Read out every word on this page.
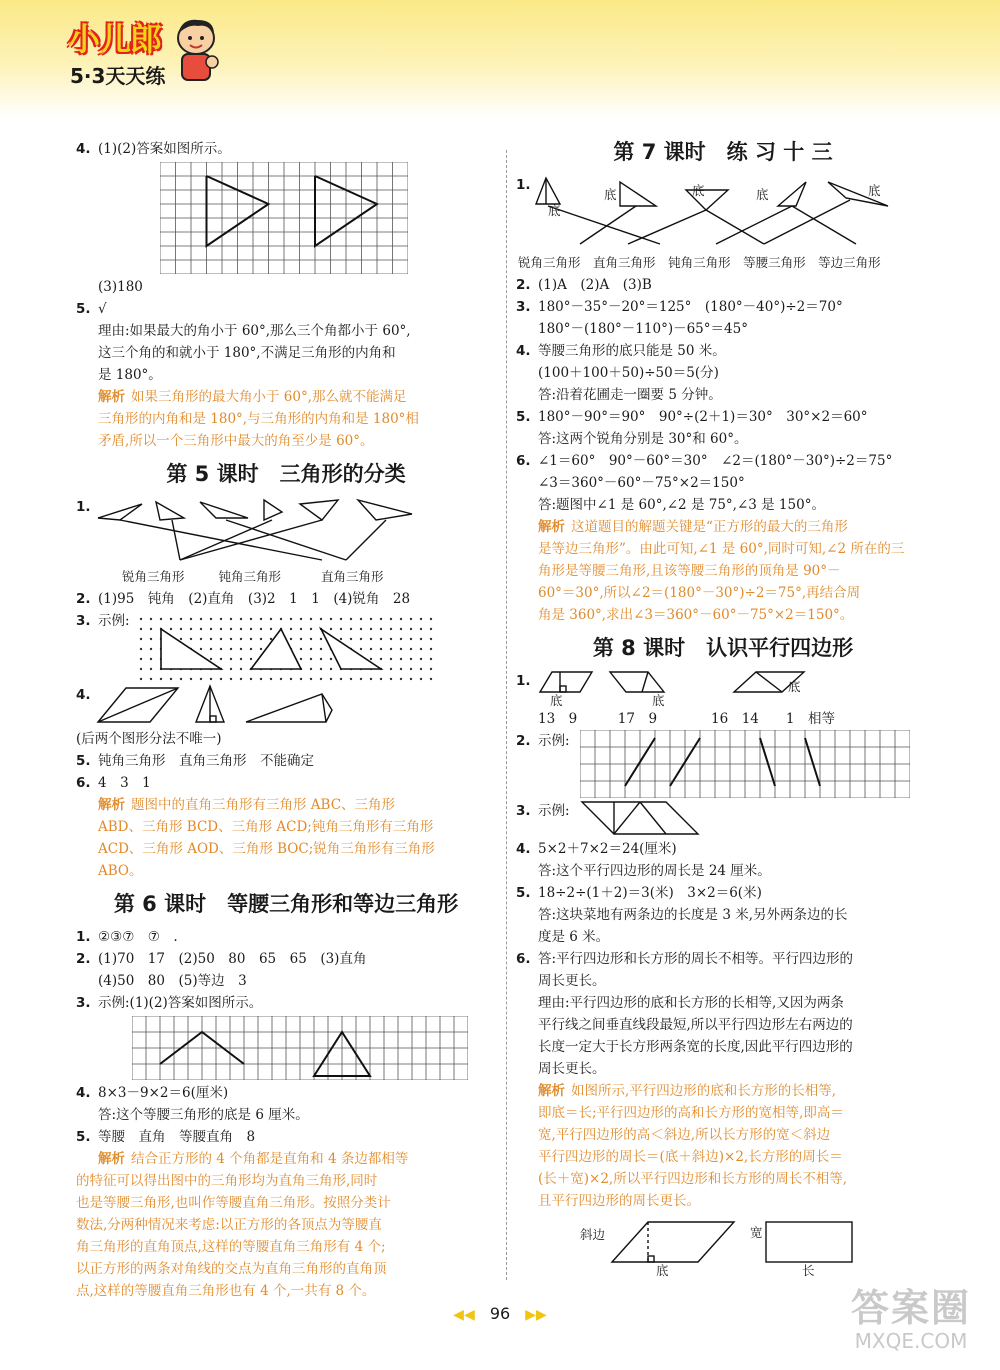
小儿郎
5·3天天练
4. (1)(2)答案如图所示。
(3)180
5. √
理由:如果最大的角小于 60°,那么三个角都小于 60°,
这三个角的和就小于 180°,不满足三角形的内角和
是 180°。
解析 如果三角形的最大角小于 60°,那么就不能满足
三角形的内角和是 180°,与三角形的内角和是 180°相
矛盾,所以一个三角形中最大的角至少是 60°。
第 5 课时　三角形的分类
1.
锐角三角形	钝角三角形	直角三角形
2. (1)95　钝角　(2)直角　(3)2　1　1　(4)锐角　28
3. 示例:
4.
(后两个图形分法不唯一)
5. 钝角三角形　直角三角形　不能确定
6. 4　3　1
解析 题图中的直角三角形有三角形 ABC、三角形
ABD、三角形 BCD、三角形 ACD;钝角三角形有三角形
ACD、三角形 AOD、三角形 BOC;锐角三角形有三角形
ABO。
第 6 课时　等腰三角形和等边三角形
1. ②③⑦　⑦　.
2. (1)70　17　(2)50　80　65　65　(3)直角
(4)50　80　(5)等边　3
3. 示例:(1)(2)答案如图所示。
4. 8×3－9×2＝6(厘米)
答:这个等腰三角形的底是 6 厘米。
5. 等腰　直角　等腰直角　8
解析 结合正方形的 4 个角都是直角和 4 条边都相等
的特征可以得出图中的三角形均为直角三角形,同时
也是等腰三角形,也叫作等腰直角三角形。按照分类计
数法,分两种情况来考虑:以正方形的各顶点为等腰直
角三角形的直角顶点,这样的等腰直角三角形有 4 个;
以正方形的两条对角线的交点为直角三角形的直角顶
点,这样的等腰直角三角形也有 4 个,一共有 8 个。
第 7 课时　练 习 十 三
1.
底	底	底	底
底
锐角三角形　 直角三角形　 钝角三角形　 等腰三角形　 等边三角形
2. (1)A　(2)A　(3)B
3. 180°－35°－20°＝125°　(180°－40°)÷2＝70°
180°－(180°－110°)－65°＝45°
4. 等腰三角形的底只能是 50 米。
(100＋100＋50)÷50＝5(分)
答:沿着花圃走一圈要 5 分钟。
5. 180°－90°＝90°　90°÷(2＋1)＝30°　30°×2＝60°
答:这两个锐角分别是 30°和 60°。
6. ∠1＝60°　90°－60°＝30°　∠2＝(180°－30°)÷2＝75°
∠3＝360°－60°－75°×2＝150°
答:题图中∠1 是 60°,∠2 是 75°,∠3 是 150°。
解析 这道题目的解题关键是“正方形的最大的三角形
是等边三角形”。由此可知,∠1 是 60°,同时可知,∠2 所在的三
角形是等腰三角形,且该等腰三角形的顶角是 90°－
60°＝30°,所以∠2＝(180°－30°)÷2＝75°,再结合周
角是 360°,求出∠3＝360°－60°－75°×2＝150°。
第 8 课时　认识平行四边形
1.
底	底
底
13　9　　　17　9　　　　16　14　　1　相等
2. 示例:
3. 示例:
4. 5×2＋7×2＝24(厘米)
答:这个平行四边形的周长是 24 厘米。
5. 18÷2÷(1＋2)＝3(米)　3×2＝6(米)
答:这块菜地有两条边的长度是 3 米,另外两条边的长
度是 6 米。
6. 答:平行四边形和长方形的周长不相等。平行四边形的
周长更长。
理由:平行四边形的底和长方形的长相等,又因为两条
平行线之间垂直线段最短,所以平行四边形左右两边的
长度一定大于长方形两条宽的长度,因此平行四边形的
周长更长。
解析 如图所示,平行四边形的底和长方形的长相等,
即底＝长;平行四边形的高和长方形的宽相等,即高＝
宽,平行四边形的高＜斜边,所以长方形的宽＜斜边
平行四边形的周长＝(底＋斜边)×2,长方形的周长＝
(长＋宽)×2,所以平行四边形和长方形的周长不相等,
且平行四边形的周长更长。
斜边	宽
底	长
◀◀ 96 ▶▶	答案圈
MXQE.COM
